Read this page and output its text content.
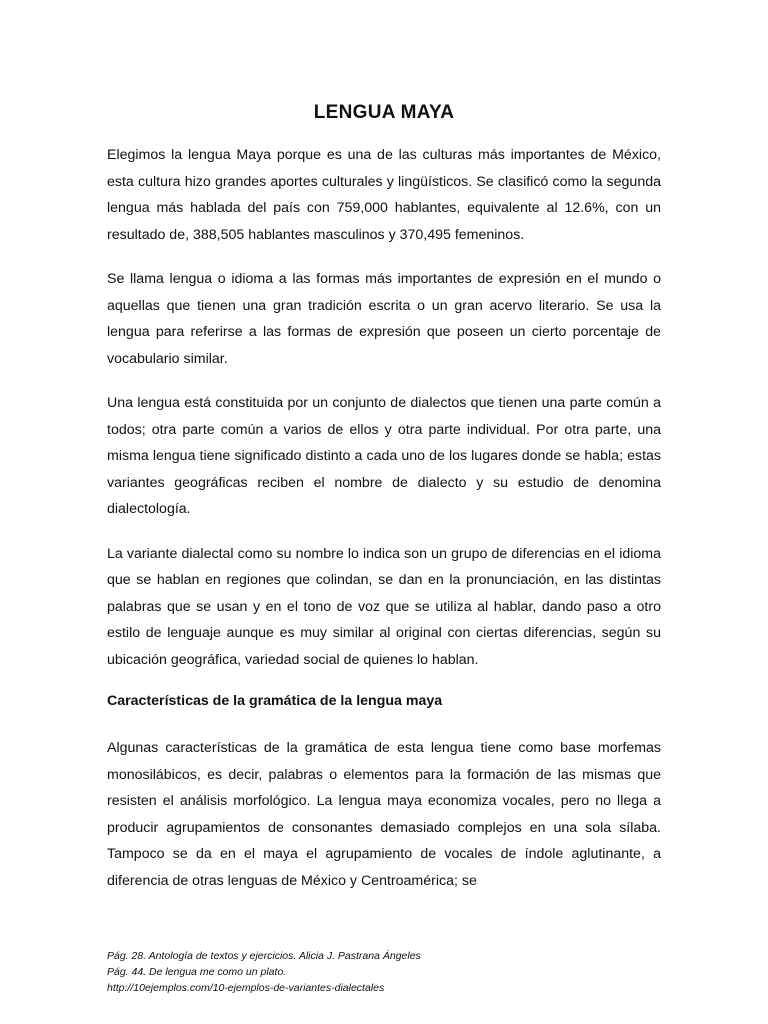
LENGUA MAYA

Elegimos la lengua Maya porque es una de las culturas más importantes de México, esta cultura hizo grandes aportes culturales y lingüísticos. Se clasificó como la segunda lengua más hablada del país con 759,000 hablantes, equivalente al 12.6%, con un resultado de, 388,505 hablantes masculinos y 370,495 femeninos.

Se llama lengua o idioma a las formas más importantes de expresión en el mundo o aquellas que tienen una gran tradición escrita o un gran acervo literario. Se usa la lengua para referirse a las formas de expresión que poseen un cierto porcentaje de vocabulario similar.

Una lengua está constituida por un conjunto de dialectos que tienen una parte común a todos; otra parte común a varios de ellos y otra parte individual. Por otra parte, una misma lengua tiene significado distinto a cada uno de los lugares donde se habla; estas variantes geográficas reciben el nombre de dialecto y su estudio de denomina dialectología.

La variante dialectal como su nombre lo indica son un grupo de diferencias en el idioma que se hablan en regiones que colindan, se dan en la pronunciación, en las distintas palabras que se usan y en el tono de voz que se utiliza al hablar, dando paso a otro estilo de lenguaje aunque es muy similar al original con ciertas diferencias, según su ubicación geográfica, variedad social de quienes lo hablan.

Características de la gramática de la lengua maya

Algunas características de la gramática de esta lengua tiene como base morfemas monosilábicos, es decir, palabras o elementos para la formación de las mismas que resisten el análisis morfológico. La lengua maya economiza vocales, pero no llega a producir agrupamientos de consonantes demasiado complejos en una sola sílaba. Tampoco se da en el maya el agrupamiento de vocales de índole aglutinante, a diferencia de otras lenguas de México y Centroamérica; se

Pág. 28. Antología de textos y ejercicios. Alicia J. Pastrana Ángeles

Pág. 44. De lengua me como un plato.

http://10ejemplos.com/10-ejemplos-de-variantes-dialectales
